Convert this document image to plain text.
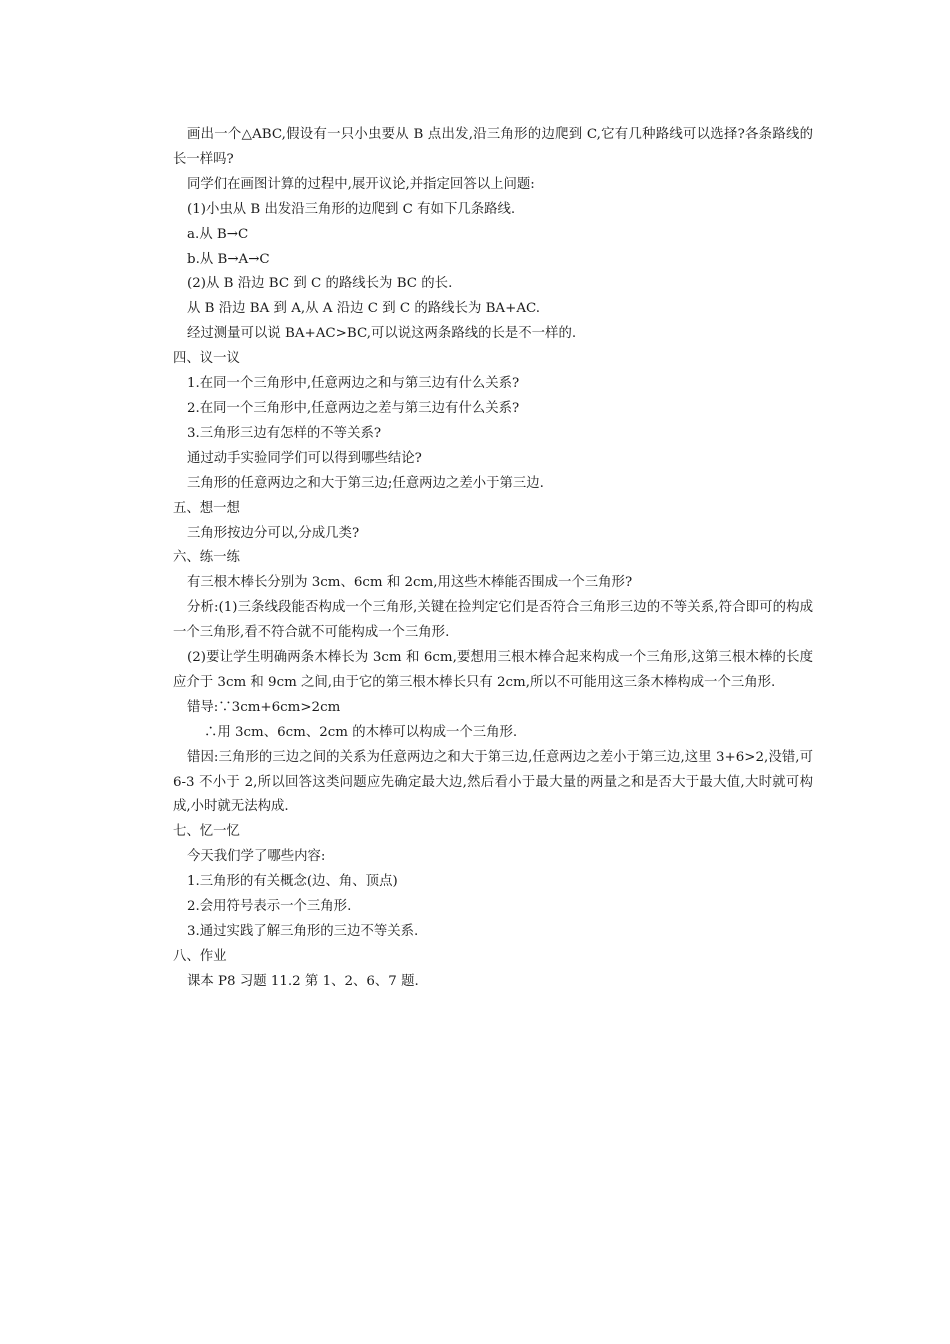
画出一个△ABC,假设有一只小虫要从 B 点出发,沿三角形的边爬到 C,它有几种路线可以选择?各条路线的长一样吗?

同学们在画图计算的过程中,展开议论,并指定回答以上问题:

(1)小虫从 B 出发沿三角形的边爬到 C 有如下几条路线.

a.从 B→C

b.从 B→A→C

(2)从 B 沿边 BC 到 C 的路线长为 BC 的长.

从 B 沿边 BA 到 A,从 A 沿边 C 到 C 的路线长为 BA+AC.

经过测量可以说 BA+AC>BC,可以说这两条路线的长是不一样的.

四、议一议

1.在同一个三角形中,任意两边之和与第三边有什么关系?

2.在同一个三角形中,任意两边之差与第三边有什么关系?

3.三角形三边有怎样的不等关系?

通过动手实验同学们可以得到哪些结论?

三角形的任意两边之和大于第三边;任意两边之差小于第三边.

五、想一想

三角形按边分可以,分成几类?

六、练一练

有三根木棒长分别为 3cm、6cm 和 2cm,用这些木棒能否围成一个三角形?

分析:(1)三条线段能否构成一个三角形,关键在捡判定它们是否符合三角形三边的不等关系,符合即可的构成一个三角形,看不符合就不可能构成一个三角形.

(2)要让学生明确两条木棒长为 3cm 和 6cm,要想用三根木棒合起来构成一个三角形,这第三根木棒的长度应介于 3cm 和 9cm 之间,由于它的第三根木棒长只有 2cm,所以不可能用这三条木棒构成一个三角形.

错导:∵3cm+6cm>2cm

∴用 3cm、6cm、2cm 的木棒可以构成一个三角形.

错因:三角形的三边之间的关系为任意两边之和大于第三边,任意两边之差小于第三边,这里 3+6>2,没错,可 6-3 不小于 2,所以回答这类问题应先确定最大边,然后看小于最大量的两量之和是否大于最大值,大时就可构成,小时就无法构成.

七、忆一忆

今天我们学了哪些内容:

1.三角形的有关概念(边、角、顶点)

2.会用符号表示一个三角形.

3.通过实践了解三角形的三边不等关系.

八、作业

课本 P8 习题 11.2 第 1、2、6、7 题.
